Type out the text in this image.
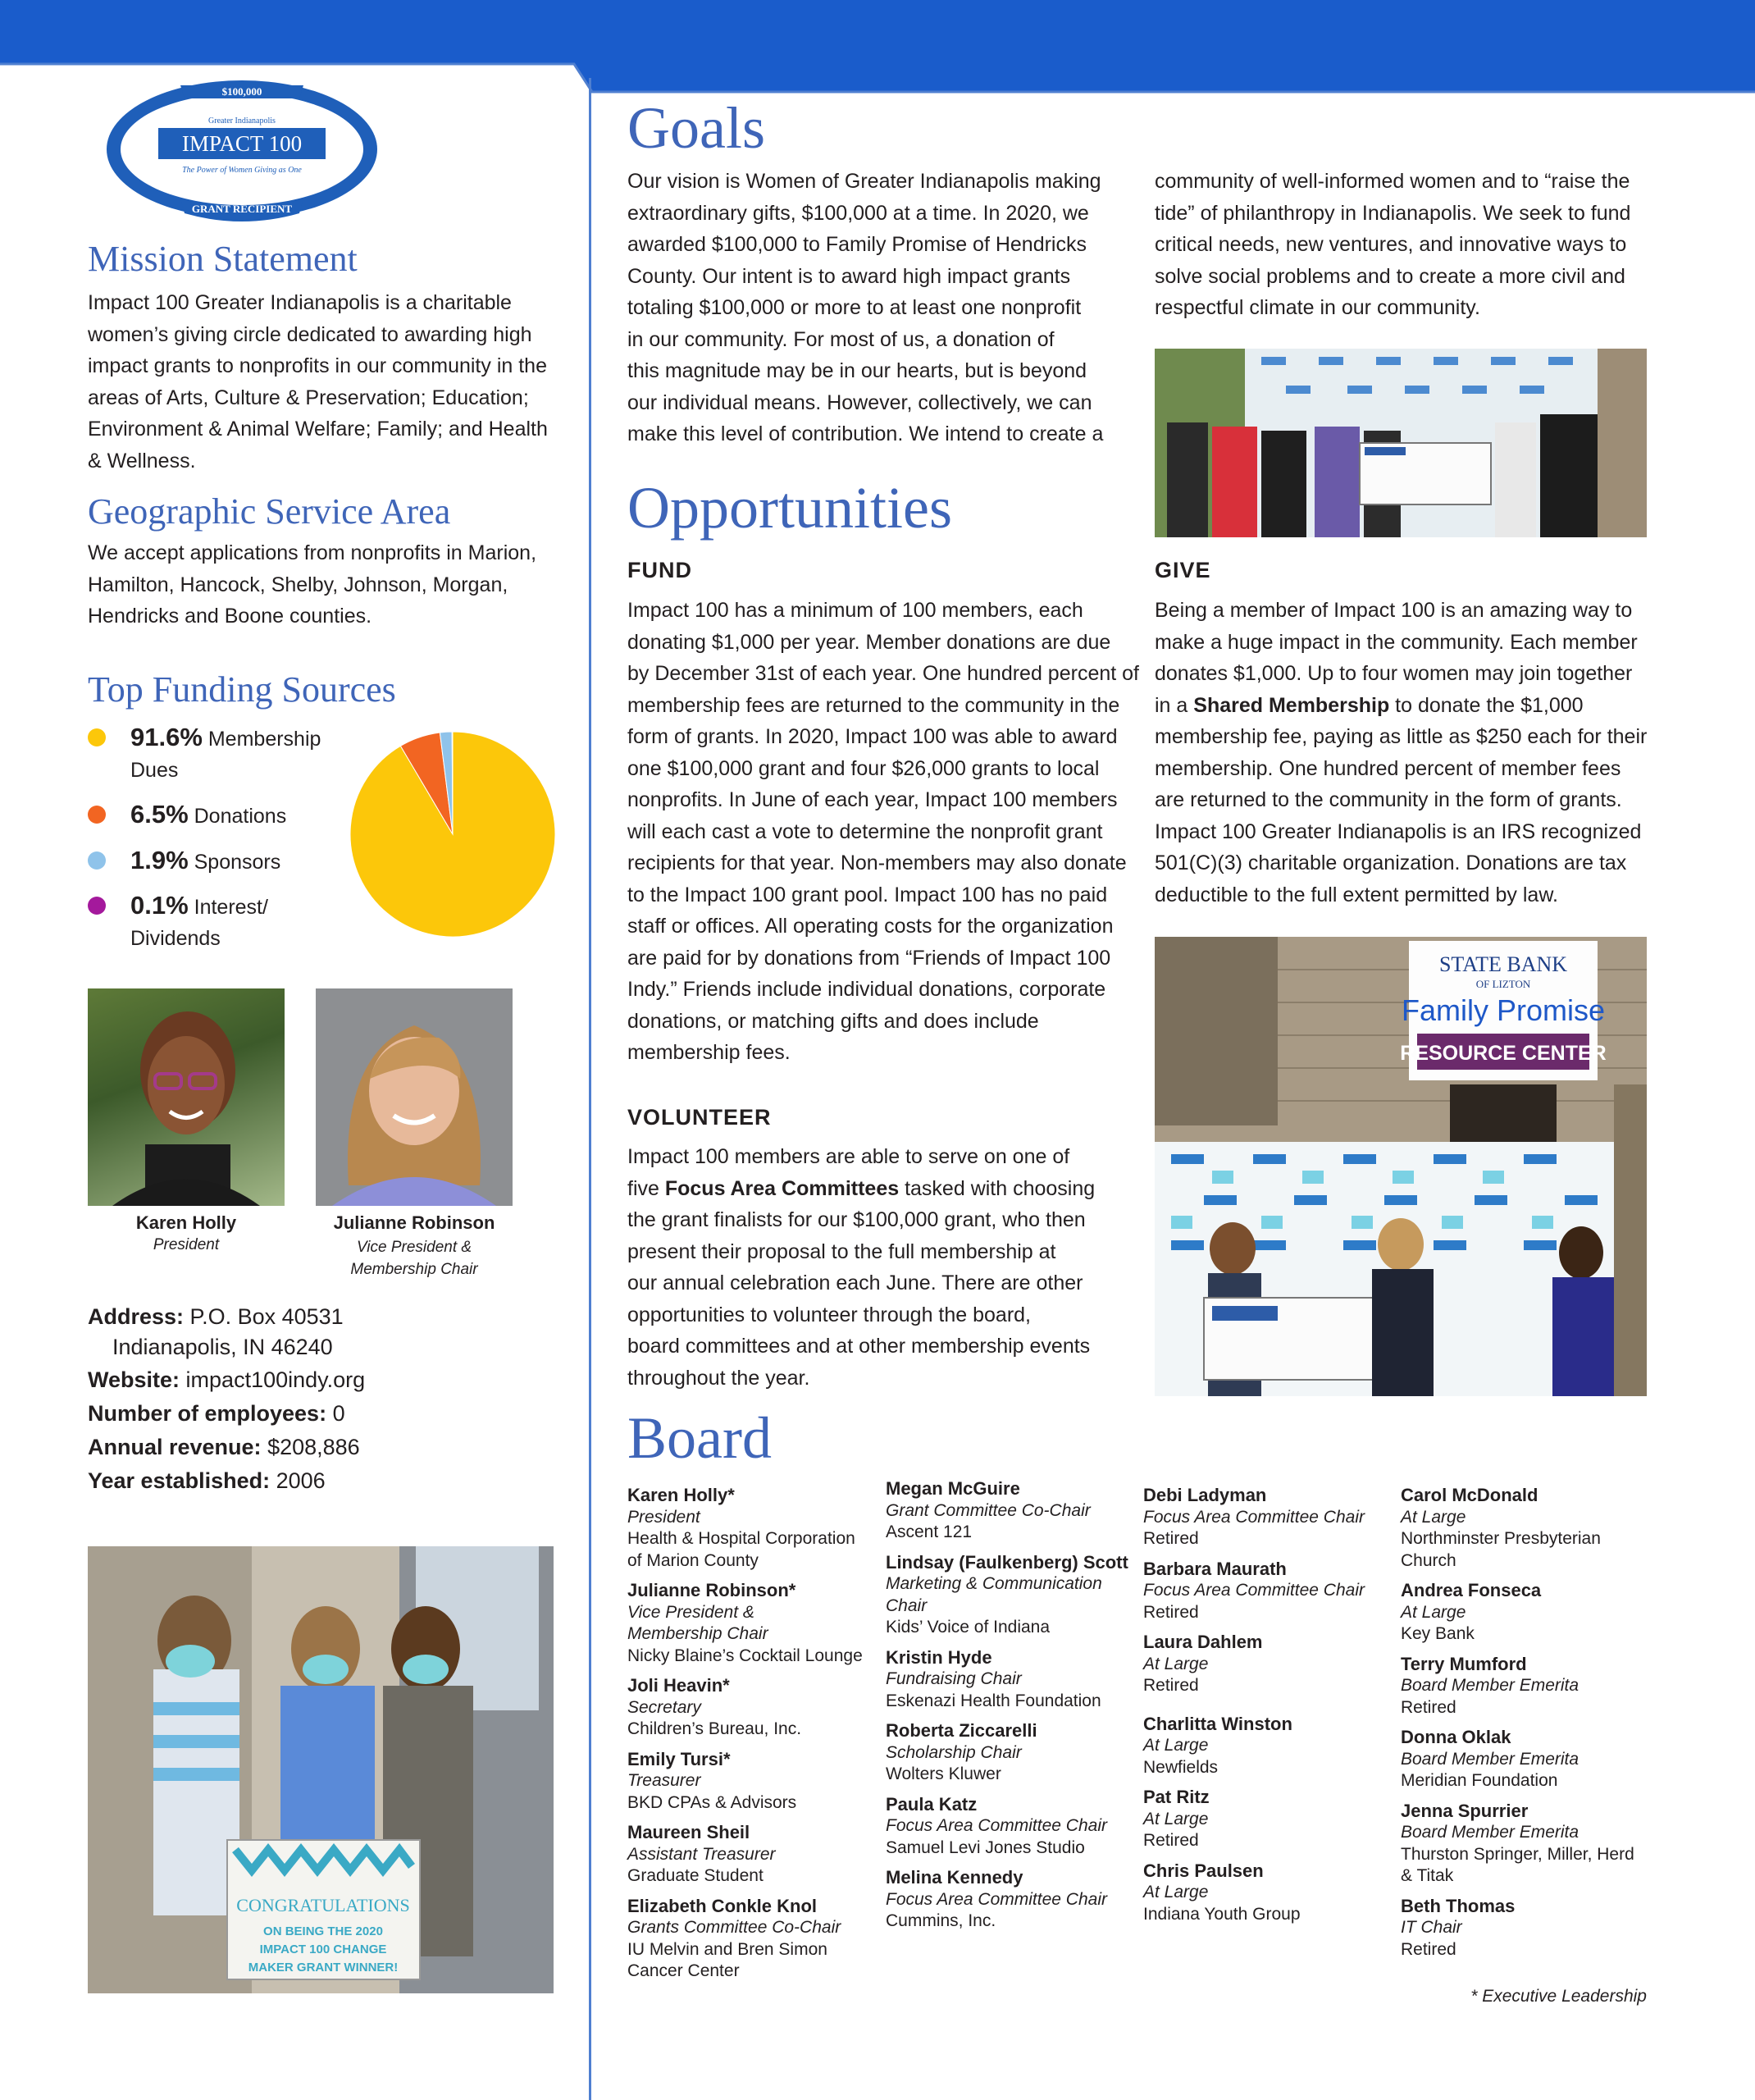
$100,000
Greater Indianapolis
IMPACT 100
The Power of Women Giving as One
GRANT RECIPIENT
Mission Statement
Impact 100 Greater Indianapolis is a charitable women’s giving circle dedicated to awarding high impact grants to nonprofits in our community in the areas of Arts, Culture & Preservation; Education; Environment & Animal Welfare; Family; and Health & Wellness.
Geographic Service Area
We accept applications from nonprofits in Marion, Hamilton, Hancock, Shelby, Johnson, Morgan, Hendricks and Boone counties.
Top Funding Sources
91.6% Membership
Dues
6.5% Donations
1.9% Sponsors
0.1% Interest/
Dividends
Karen Holly
President
Julianne Robinson
Vice President &
Membership Chair
Address: P.O. Box 40531
Indianapolis, IN 46240
Website: impact100indy.org
Number of employees: 0
Annual revenue: $208,886
Year established: 2006
CONGRATULATIONS
ON BEING THE 2020
IMPACT 100 CHANGE
MAKER GRANT WINNER!
Goals
Our vision is Women of Greater Indianapolis making
extraordinary gifts, $100,000 at a time. In 2020, we
awarded $100,000 to Family Promise of Hendricks
County. Our intent is to award high impact grants
totaling $100,000 or more to at least one nonprofit
in our community. For most of us, a donation of
this magnitude may be in our hearts, but is beyond
our individual means. However, collectively, we can
make this level of contribution. We intend to create a

community of well-informed women and to “raise the
tide” of philanthropy in Indianapolis. We seek to fund
critical needs, new ventures, and innovative ways to
solve social problems and to create a more civil and
respectful climate in our community.

Opportunities
FUND
Impact 100 has a minimum of 100 members, each
donating $1,000 per year. Member donations are due
by December 31st of each year. One hundred percent of
membership fees are returned to the community in the
form of grants. In 2020, Impact 100 was able to award
one $100,000 grant and four $26,000 grants to local
nonprofits. In June of each year, Impact 100 members
will each cast a vote to determine the nonprofit grant
recipients for that year. Non-members may also donate
to the Impact 100 grant pool. Impact 100 has no paid
staff or offices. All operating costs for the organization
are paid for by donations from “Friends of Impact 100
Indy.” Friends include individual donations, corporate
donations, or matching gifts and does include
membership fees.

GIVE
Being a member of Impact 100 is an amazing way to
make a huge impact in the community. Each member
donates $1,000. Up to four women may join together
in a Shared Membership to donate the $1,000
membership fee, paying as little as $250 each for their
membership. One hundred percent of member fees
are returned to the community in the form of grants.
Impact 100 Greater Indianapolis is an IRS recognized
501(C)(3) charitable organization. Donations are tax
deductible to the full extent permitted by law.
VOLUNTEER
Impact 100 members are able to serve on one of
five Focus Area Committees tasked with choosing
the grant finalists for our $100,000 grant, who then
present their proposal to the full membership at
our annual celebration each June. There are other
opportunities to volunteer through the board,
board committees and at other membership events
throughout the year.
STATE BANK
OF LIZTON
Family Promise
RESOURCE CENTER
Board
Karen Holly*
President
Health & Hospital Corporation
of Marion County
Julianne Robinson*
Vice President &
Membership Chair
Nicky Blaine’s Cocktail Lounge
Joli Heavin*
Secretary
Children’s Bureau, Inc.
Emily Tursi*
Treasurer
BKD CPAs & Advisors
Maureen Sheil
Assistant Treasurer
Graduate Student
Elizabeth Conkle Knol
Grants Committee Co-Chair
IU Melvin and Bren Simon
Cancer Center
Megan McGuire
Grant Committee Co-Chair
Ascent 121
Lindsay (Faulkenberg) Scott
Marketing & Communication
Chair
Kids’ Voice of Indiana
Kristin Hyde
Fundraising Chair
Eskenazi Health Foundation
Roberta Ziccarelli
Scholarship Chair
Wolters Kluwer
Paula Katz
Focus Area Committee Chair
Samuel Levi Jones Studio
Melina Kennedy
Focus Area Committee Chair
Cummins, Inc.
Debi Ladyman
Focus Area Committee Chair
Retired
Barbara Maurath
Focus Area Committee Chair
Retired
Laura Dahlem
At Large
Retired
Charlitta Winston
At Large
Newfields
Pat Ritz
At Large
Retired
Chris Paulsen
At Large
Indiana Youth Group
Carol McDonald
At Large
Northminster Presbyterian
Church
Andrea Fonseca
At Large
Key Bank
Terry Mumford
Board Member Emerita
Retired
Donna Oklak
Board Member Emerita
Meridian Foundation
Jenna Spurrier
Board Member Emerita
Thurston Springer, Miller, Herd
& Titak
Beth Thomas
IT Chair
Retired
* Executive Leadership
